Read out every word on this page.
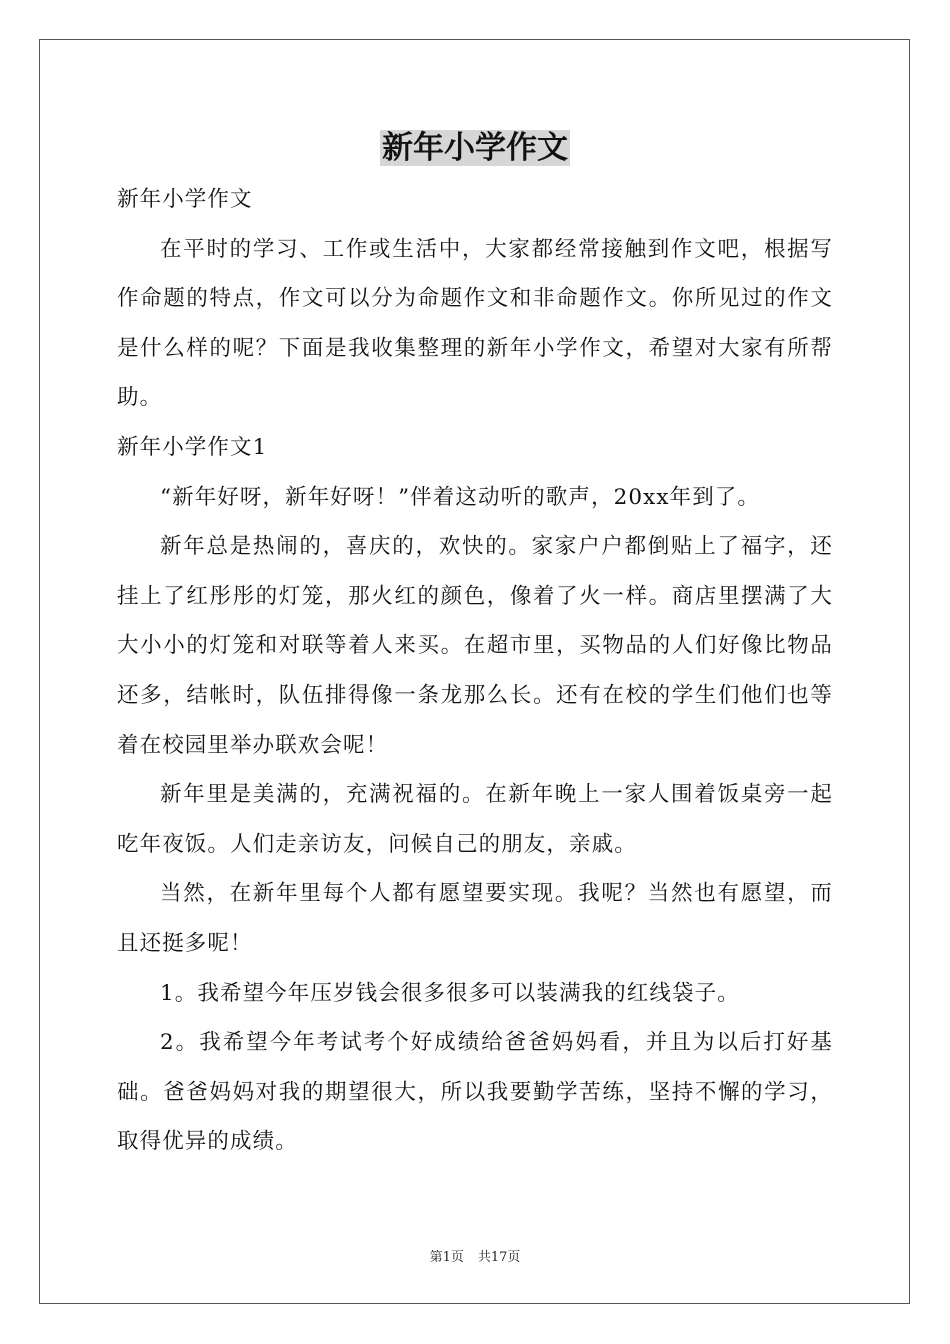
新年小学作文

新年小学作文

在平时的学习、工作或生活中，大家都经常接触到作文吧，根据写作命题的特点，作文可以分为命题作文和非命题作文。你所见过的作文是什么样的呢？下面是我收集整理的新年小学作文，希望对大家有所帮助。

新年小学作文1

“新年好呀，新年好呀！”伴着这动听的歌声，20xx年到了。

新年总是热闹的，喜庆的，欢快的。家家户户都倒贴上了福字，还挂上了红彤彤的灯笼，那火红的颜色，像着了火一样。商店里摆满了大大小小的灯笼和对联等着人来买。在超市里，买物品的人们好像比物品还多，结帐时，队伍排得像一条龙那么长。还有在校的学生们他们也等着在校园里举办联欢会呢！

新年里是美满的，充满祝福的。在新年晚上一家人围着饭桌旁一起吃年夜饭。人们走亲访友，问候自己的朋友，亲戚。

当然，在新年里每个人都有愿望要实现。我呢？当然也有愿望，而且还挺多呢！

1。我希望今年压岁钱会很多很多可以装满我的红线袋子。

2。我希望今年考试考个好成绩给爸爸妈妈看，并且为以后打好基础。爸爸妈妈对我的期望很大，所以我要勤学苦练，坚持不懈的学习，取得优异的成绩。

第1页 共17页
